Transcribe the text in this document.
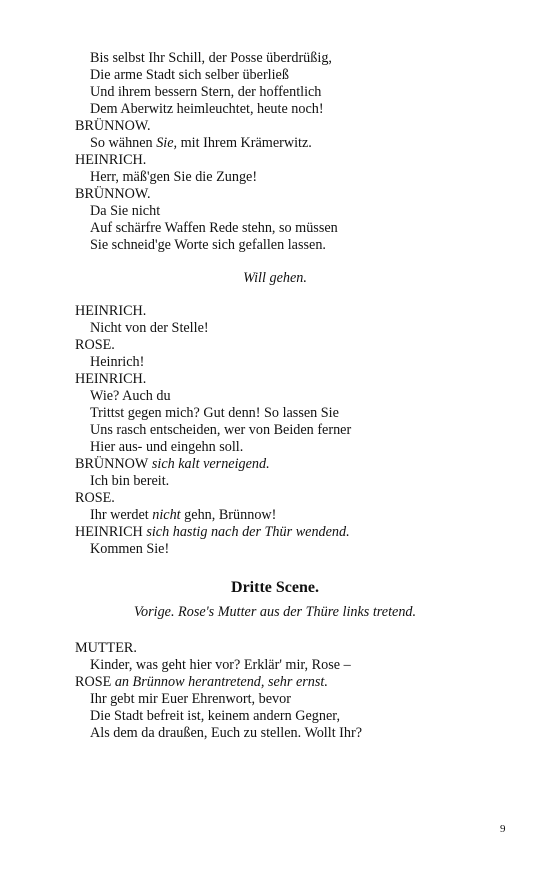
Bis selbst Ihr Schill, der Posse überdrüßig,
Die arme Stadt sich selber überließ
Und ihrem bessern Stern, der hoffentlich
Dem Aberwitz heimleuchtet, heute noch!
BRÜNNOW.
So wähnen Sie, mit Ihrem Krämerwitz.
HEINRICH.
Herr, mäß'gen Sie die Zunge!
BRÜNNOW.
Da Sie nicht
Auf schärfre Waffen Rede stehn, so müssen
Sie schneid'ge Worte sich gefallen lassen.
Will gehen.
HEINRICH.
Nicht von der Stelle!
ROSE.
Heinrich!
HEINRICH.
Wie? Auch du
Trittst gegen mich? Gut denn! So lassen Sie
Uns rasch entscheiden, wer von Beiden ferner
Hier aus- und eingehn soll.
BRÜNNOW sich kalt verneigend.
Ich bin bereit.
ROSE.
Ihr werdet nicht gehn, Brünnow!
HEINRICH sich hastig nach der Thür wendend.
Kommen Sie!
Dritte Scene.
Vorige. Rose's Mutter aus der Thüre links tretend.
MUTTER.
Kinder, was geht hier vor? Erklär' mir, Rose –
ROSE an Brünnow herantretend, sehr ernst.
Ihr gebt mir Euer Ehrenwort, bevor
Die Stadt befreit ist, keinem andern Gegner,
Als dem da draußen, Euch zu stellen. Wollt Ihr?
9
